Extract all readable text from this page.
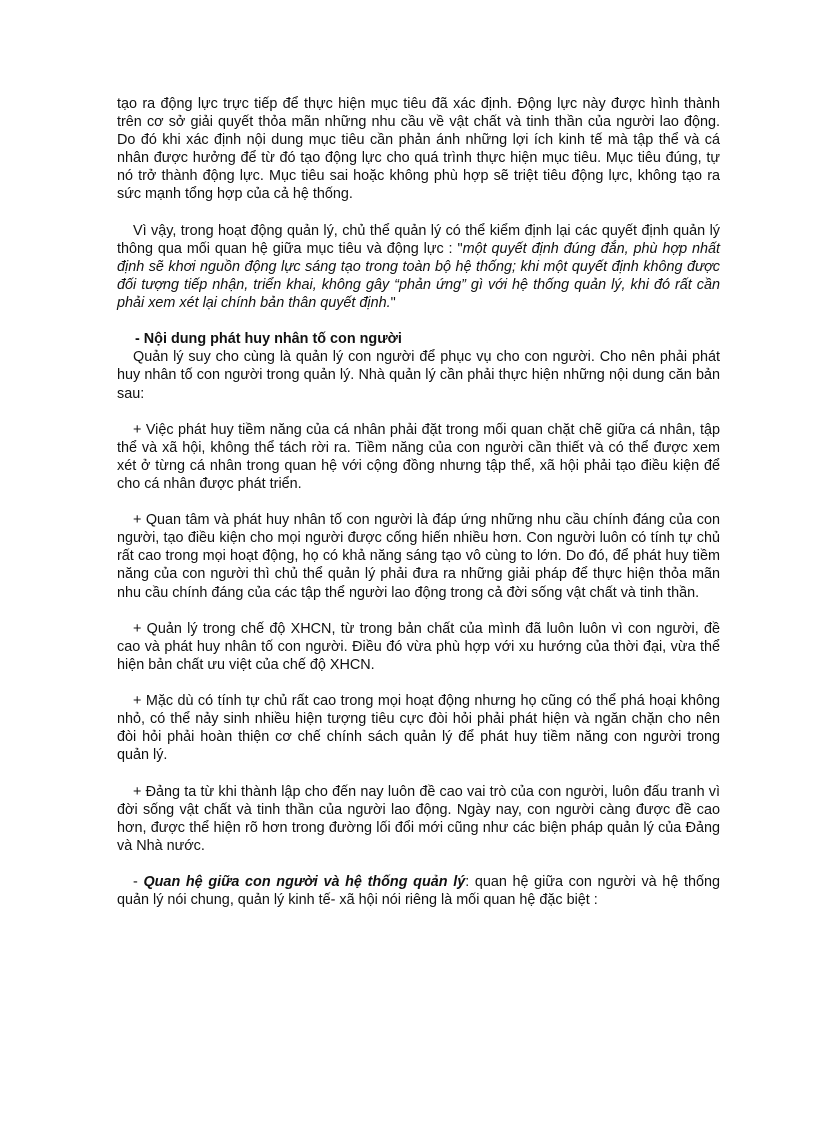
tạo ra động lực trực tiếp để thực hiện mục tiêu đã xác định. Động lực này được hình thành trên cơ sở giải quyết thỏa mãn những nhu cầu về vật chất và tinh thần của người lao động. Do đó khi xác định nội dung mục tiêu cần phản ánh những lợi ích kinh tế mà tập thể và cá nhân được hưởng để từ đó tạo động lực cho quá trình thực hiện mục tiêu. Mục tiêu đúng, tự nó trở thành động lực. Mục tiêu sai hoặc không phù hợp sẽ triệt tiêu động lực, không tạo ra sức mạnh tổng hợp của cả hệ thống.

Vì vậy, trong hoạt động quản lý, chủ thể quản lý có thể kiểm định lại các quyết định quản lý thông qua mối quan hệ giữa mục tiêu và động lực : "một quyết định đúng đắn, phù hợp nhất định sẽ khơi nguồn động lực sáng tạo trong toàn bộ hệ thống; khi một quyết định không được đối tượng tiếp nhận, triển khai, không gây “phản ứng” gì với hệ thống quản lý, khi đó rất cần phải xem xét lại chính bản thân quyết định."

- Nội dung phát huy nhân tố con người

Quản lý suy cho cùng là quản lý con người để phục vụ cho con người. Cho nên phải phát huy nhân tố con người trong quản lý. Nhà quản lý cần phải thực hiện những nội dung căn bản sau:

+ Việc phát huy tiềm năng của cá nhân phải đặt trong mối quan chặt chẽ giữa cá nhân, tập thể và xã hội, không thể tách rời ra. Tiềm năng của con người cần thiết và có thể được xem xét ở từng cá nhân trong quan hệ với cộng đồng nhưng tập thể, xã hội phải tạo điều kiện để cho cá nhân được phát triển.

+ Quan tâm và phát huy nhân tố con người là đáp ứng những nhu cầu chính đáng của con người, tạo điều kiện cho mọi người được cống hiến nhiều hơn. Con người luôn có tính tự chủ rất cao trong mọi hoạt động, họ có khả năng sáng tạo vô cùng to lớn. Do đó, để phát huy tiềm năng của con người thì chủ thể quản lý phải đưa ra những giải pháp để thực hiện thỏa mãn nhu cầu chính đáng của các tập thể người lao động trong cả đời sống vật chất và tinh thần.

+ Quản lý trong chế độ XHCN, từ trong bản chất của mình đã luôn luôn vì con người, đề cao và phát huy nhân tố con người. Điều đó vừa phù hợp với xu hướng của thời đại, vừa thể hiện bản chất ưu việt của chế độ XHCN.

+ Mặc dù có tính tự chủ rất cao trong mọi hoạt động nhưng họ cũng có thể phá hoại không nhỏ, có thể nảy sinh nhiều hiện tượng tiêu cực đòi hỏi phải phát hiện và ngăn chặn cho nên đòi hỏi phải hoàn thiện cơ chế chính sách quản lý để phát huy tiềm năng con người trong quản lý.

+ Đảng ta từ khi thành lập cho đến nay luôn đề cao vai trò của con người, luôn đấu tranh vì đời sống vật chất và tinh thần của người lao động. Ngày nay, con người càng được đề cao hơn, được thể hiện rõ hơn trong đường lối đổi mới cũng như các biện pháp quản lý của Đảng và Nhà nước.

- Quan hệ giữa con người và hệ thống quản lý: quan hệ giữa con người và hệ thống quản lý nói chung, quản lý kinh tế- xã hội nói riêng là mối quan hệ đặc biệt :
